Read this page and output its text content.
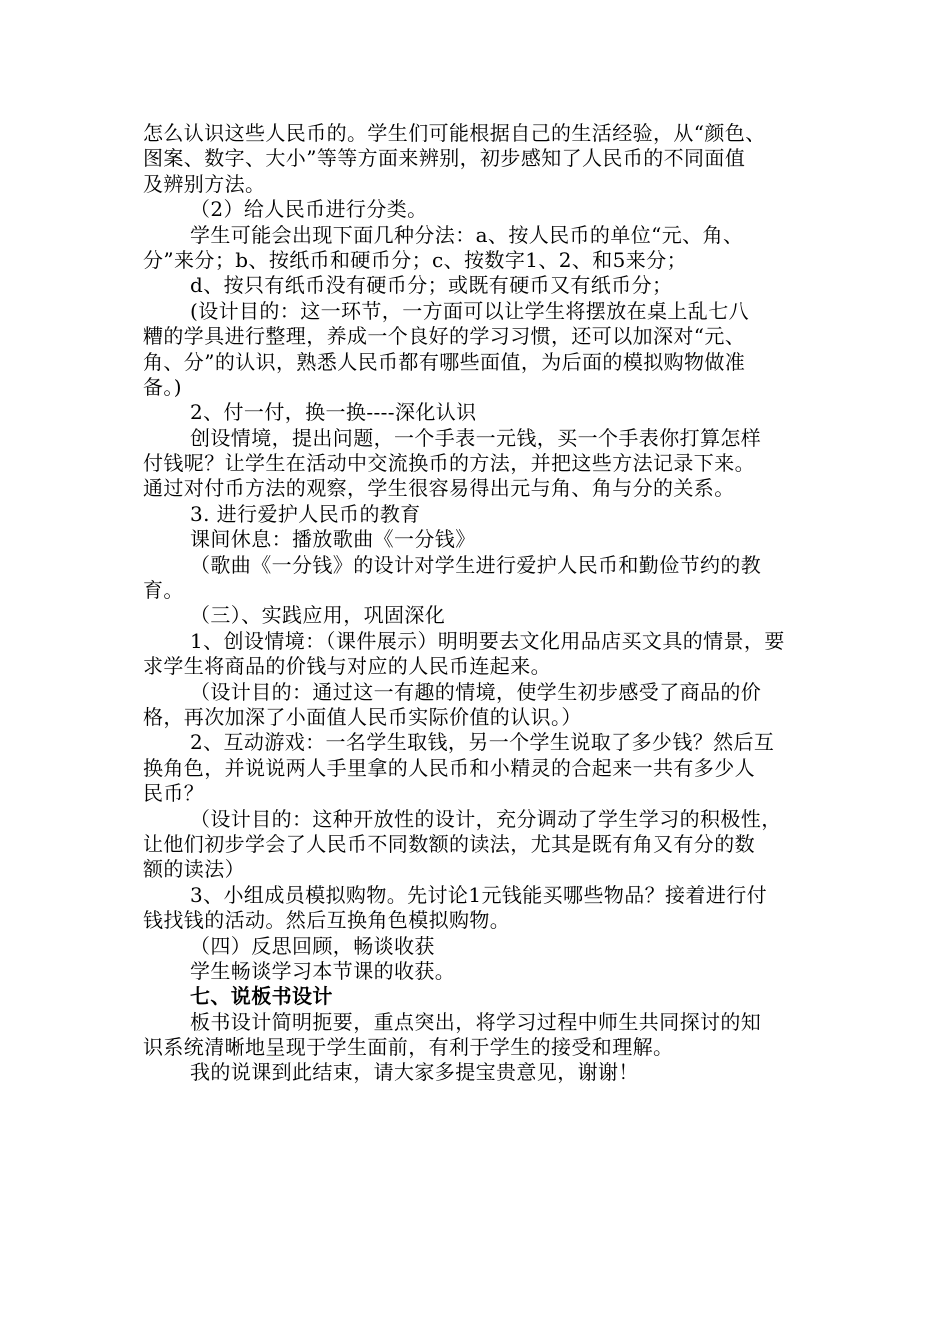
怎么认识这些人民币的。学生们可能根据自己的生活经验，从“颜色、
图案、数字、大小”等等方面来辨别，初步感知了人民币的不同面值
及辨别方法。
（2）给人民币进行分类。
学生可能会出现下面几种分法：a、按人民币的单位“元、角、
分”来分；b、按纸币和硬币分；c、按数字1、2、和5来分；
d、按只有纸币没有硬币分；或既有硬币又有纸币分；
(设计目的：这一环节，一方面可以让学生将摆放在桌上乱七八
糟的学具进行整理，养成一个良好的学习习惯，还可以加深对“元、
角、分”的认识，熟悉人民币都有哪些面值，为后面的模拟购物做准
备。)
2、付一付，换一换----深化认识
创设情境，提出问题，一个手表一元钱，买一个手表你打算怎样
付钱呢？让学生在活动中交流换币的方法，并把这些方法记录下来。
通过对付币方法的观察，学生很容易得出元与角、角与分的关系。
3. 进行爱护人民币的教育
课间休息：播放歌曲《一分钱》
（歌曲《一分钱》的设计对学生进行爱护人民币和勤俭节约的教
育。
（三）、实践应用，巩固深化
1、创设情境：（课件展示）明明要去文化用品店买文具的情景，要
求学生将商品的价钱与对应的人民币连起来。
（设计目的：通过这一有趣的情境，使学生初步感受了商品的价
格，再次加深了小面值人民币实际价值的认识。）
2、互动游戏：一名学生取钱，另一个学生说取了多少钱？然后互
换角色，并说说两人手里拿的人民币和小精灵的合起来一共有多少人
民币？
（设计目的：这种开放性的设计，充分调动了学生学习的积极性，
让他们初步学会了人民币不同数额的读法，尤其是既有角又有分的数
额的读法）
3、小组成员模拟购物。先讨论1元钱能买哪些物品？接着进行付
钱找钱的活动。然后互换角色模拟购物。
（四）反思回顾，畅谈收获
学生畅谈学习本节课的收获。
七、说板书设计
板书设计简明扼要，重点突出，将学习过程中师生共同探讨的知
识系统清晰地呈现于学生面前，有利于学生的接受和理解。
我的说课到此结束，请大家多提宝贵意见，谢谢！
